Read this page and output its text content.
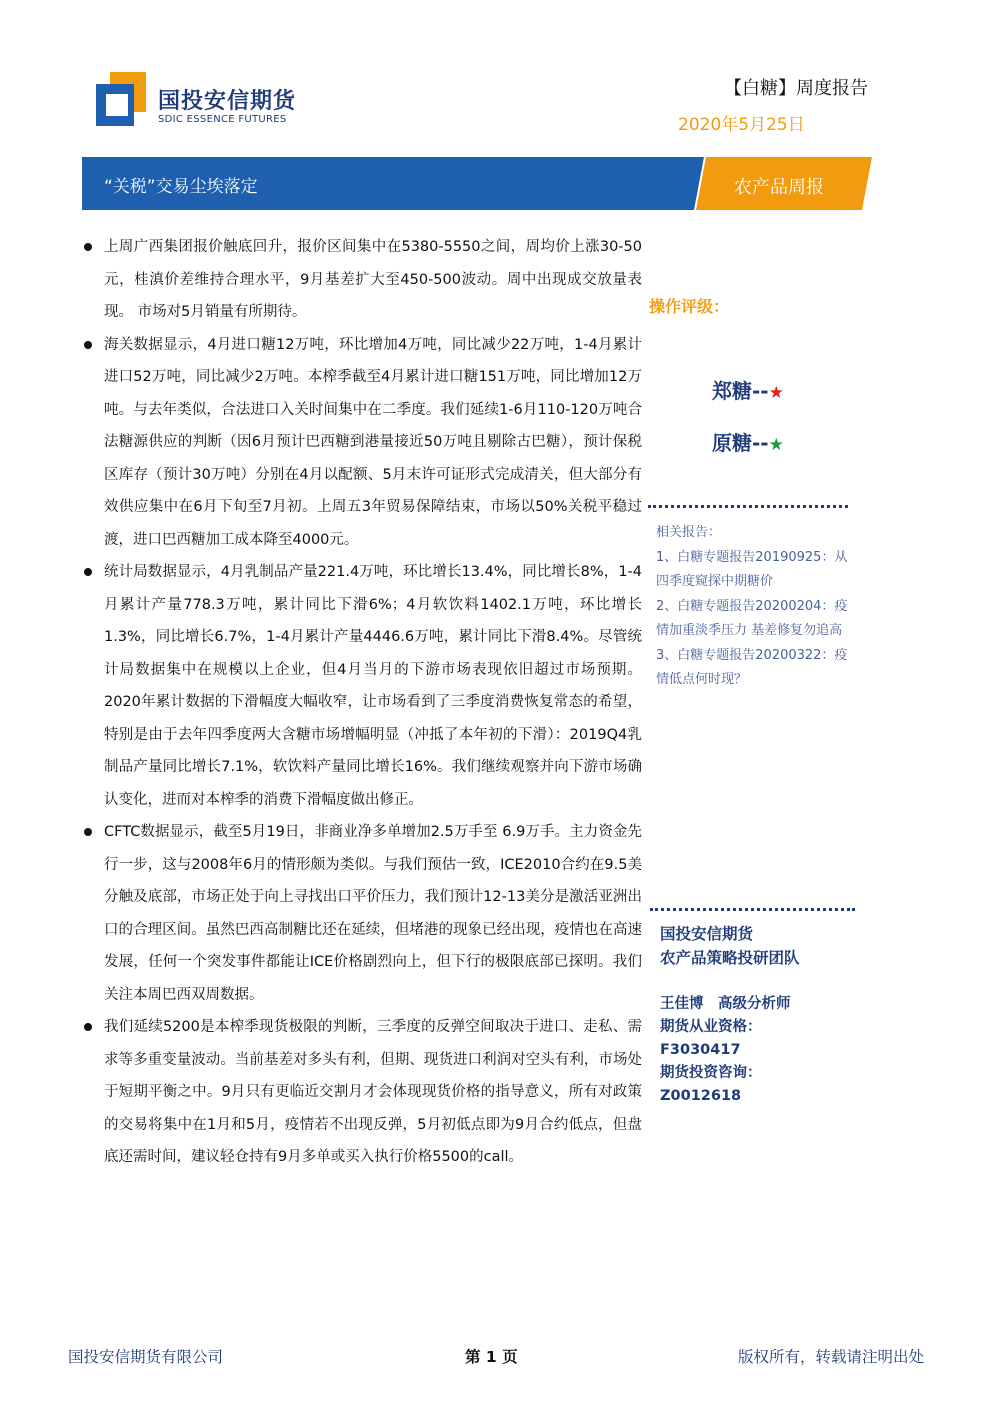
国投安信期货
SDIC ESSENCE FUTURES
【白糖】周度报告
2020年5月25日
“关税”交易尘埃落定	农产品周报
上周广西集团报价触底回升，报价区间集中在5380-5550之间，周均价上涨30-50元，桂滇价差维持合理水平，9月基差扩大至450-500波动。周中出现成交放量表现。 市场对5月销量有所期待。
海关数据显示，4月进口糖12万吨，环比增加4万吨，同比减少22万吨，1-4月累计进口52万吨，同比减少2万吨。本榨季截至4月累计进口糖151万吨，同比增加12万吨。与去年类似，合法进口入关时间集中在二季度。我们延续1-6月110-120万吨合法糖源供应的判断（因6月预计巴西糖到港量接近50万吨且剔除古巴糖），预计保税区库存（预计30万吨）分别在4月以配额、5月末许可证形式完成清关，但大部分有效供应集中在6月下旬至7月初。上周五3年贸易保障结束，市场以50%关税平稳过渡，进口巴西糖加工成本降至4000元。
统计局数据显示，4月乳制品产量221.4万吨，环比增长13.4%，同比增长8%，1-4月累计产量778.3万吨，累计同比下滑6%；4月软饮料1402.1万吨，环比增长1.3%，同比增长6.7%，1-4月累计产量4446.6万吨，累计同比下滑8.4%。尽管统计局数据集中在规模以上企业，但4月当月的下游市场表现依旧超过市场预期。2020年累计数据的下滑幅度大幅收窄，让市场看到了三季度消费恢复常态的希望，特别是由于去年四季度两大含糖市场增幅明显（冲抵了本年初的下滑）：2019Q4乳制品产量同比增长7.1%，软饮料产量同比增长16%。我们继续观察并向下游市场确认变化，进而对本榨季的消费下滑幅度做出修正。
CFTC数据显示，截至5月19日，非商业净多单增加2.5万手至 6.9万手。主力资金先行一步，这与2008年6月的情形颇为类似。与我们预估一致，ICE2010合约在9.5美分触及底部，市场正处于向上寻找出口平价压力，我们预计12-13美分是激活亚洲出口的合理区间。虽然巴西高制糖比还在延续，但堵港的现象已经出现，疫情也在高速发展，任何一个突发事件都能让ICE价格剧烈向上，但下行的极限底部已探明。我们关注本周巴西双周数据。
我们延续5200是本榨季现货极限的判断，三季度的反弹空间取决于进口、走私、需求等多重变量波动。当前基差对多头有利，但期、现货进口利润对空头有利，市场处于短期平衡之中。9月只有更临近交割月才会体现现货价格的指导意义，所有对政策的交易将集中在1月和5月，疫情若不出现反弹，5月初低点即为9月合约低点，但盘底还需时间，建议轻仓持有9月多单或买入执行价格5500的call。
操作评级：
郑糖--★
原糖--★
相关报告：
1、白糖专题报告20190925：从四季度窥探中期糖价
2、白糖专题报告20200204：疫情加重淡季压力 基差修复勿追高
3、白糖专题报告20200322：疫情低点何时现？
国投安信期货
农产品策略投研团队
王佳博　高级分析师
期货从业资格：
F3030417
期货投资咨询：
Z0012618
国投安信期货有限公司	第 1 页	版权所有，转载请注明出处
